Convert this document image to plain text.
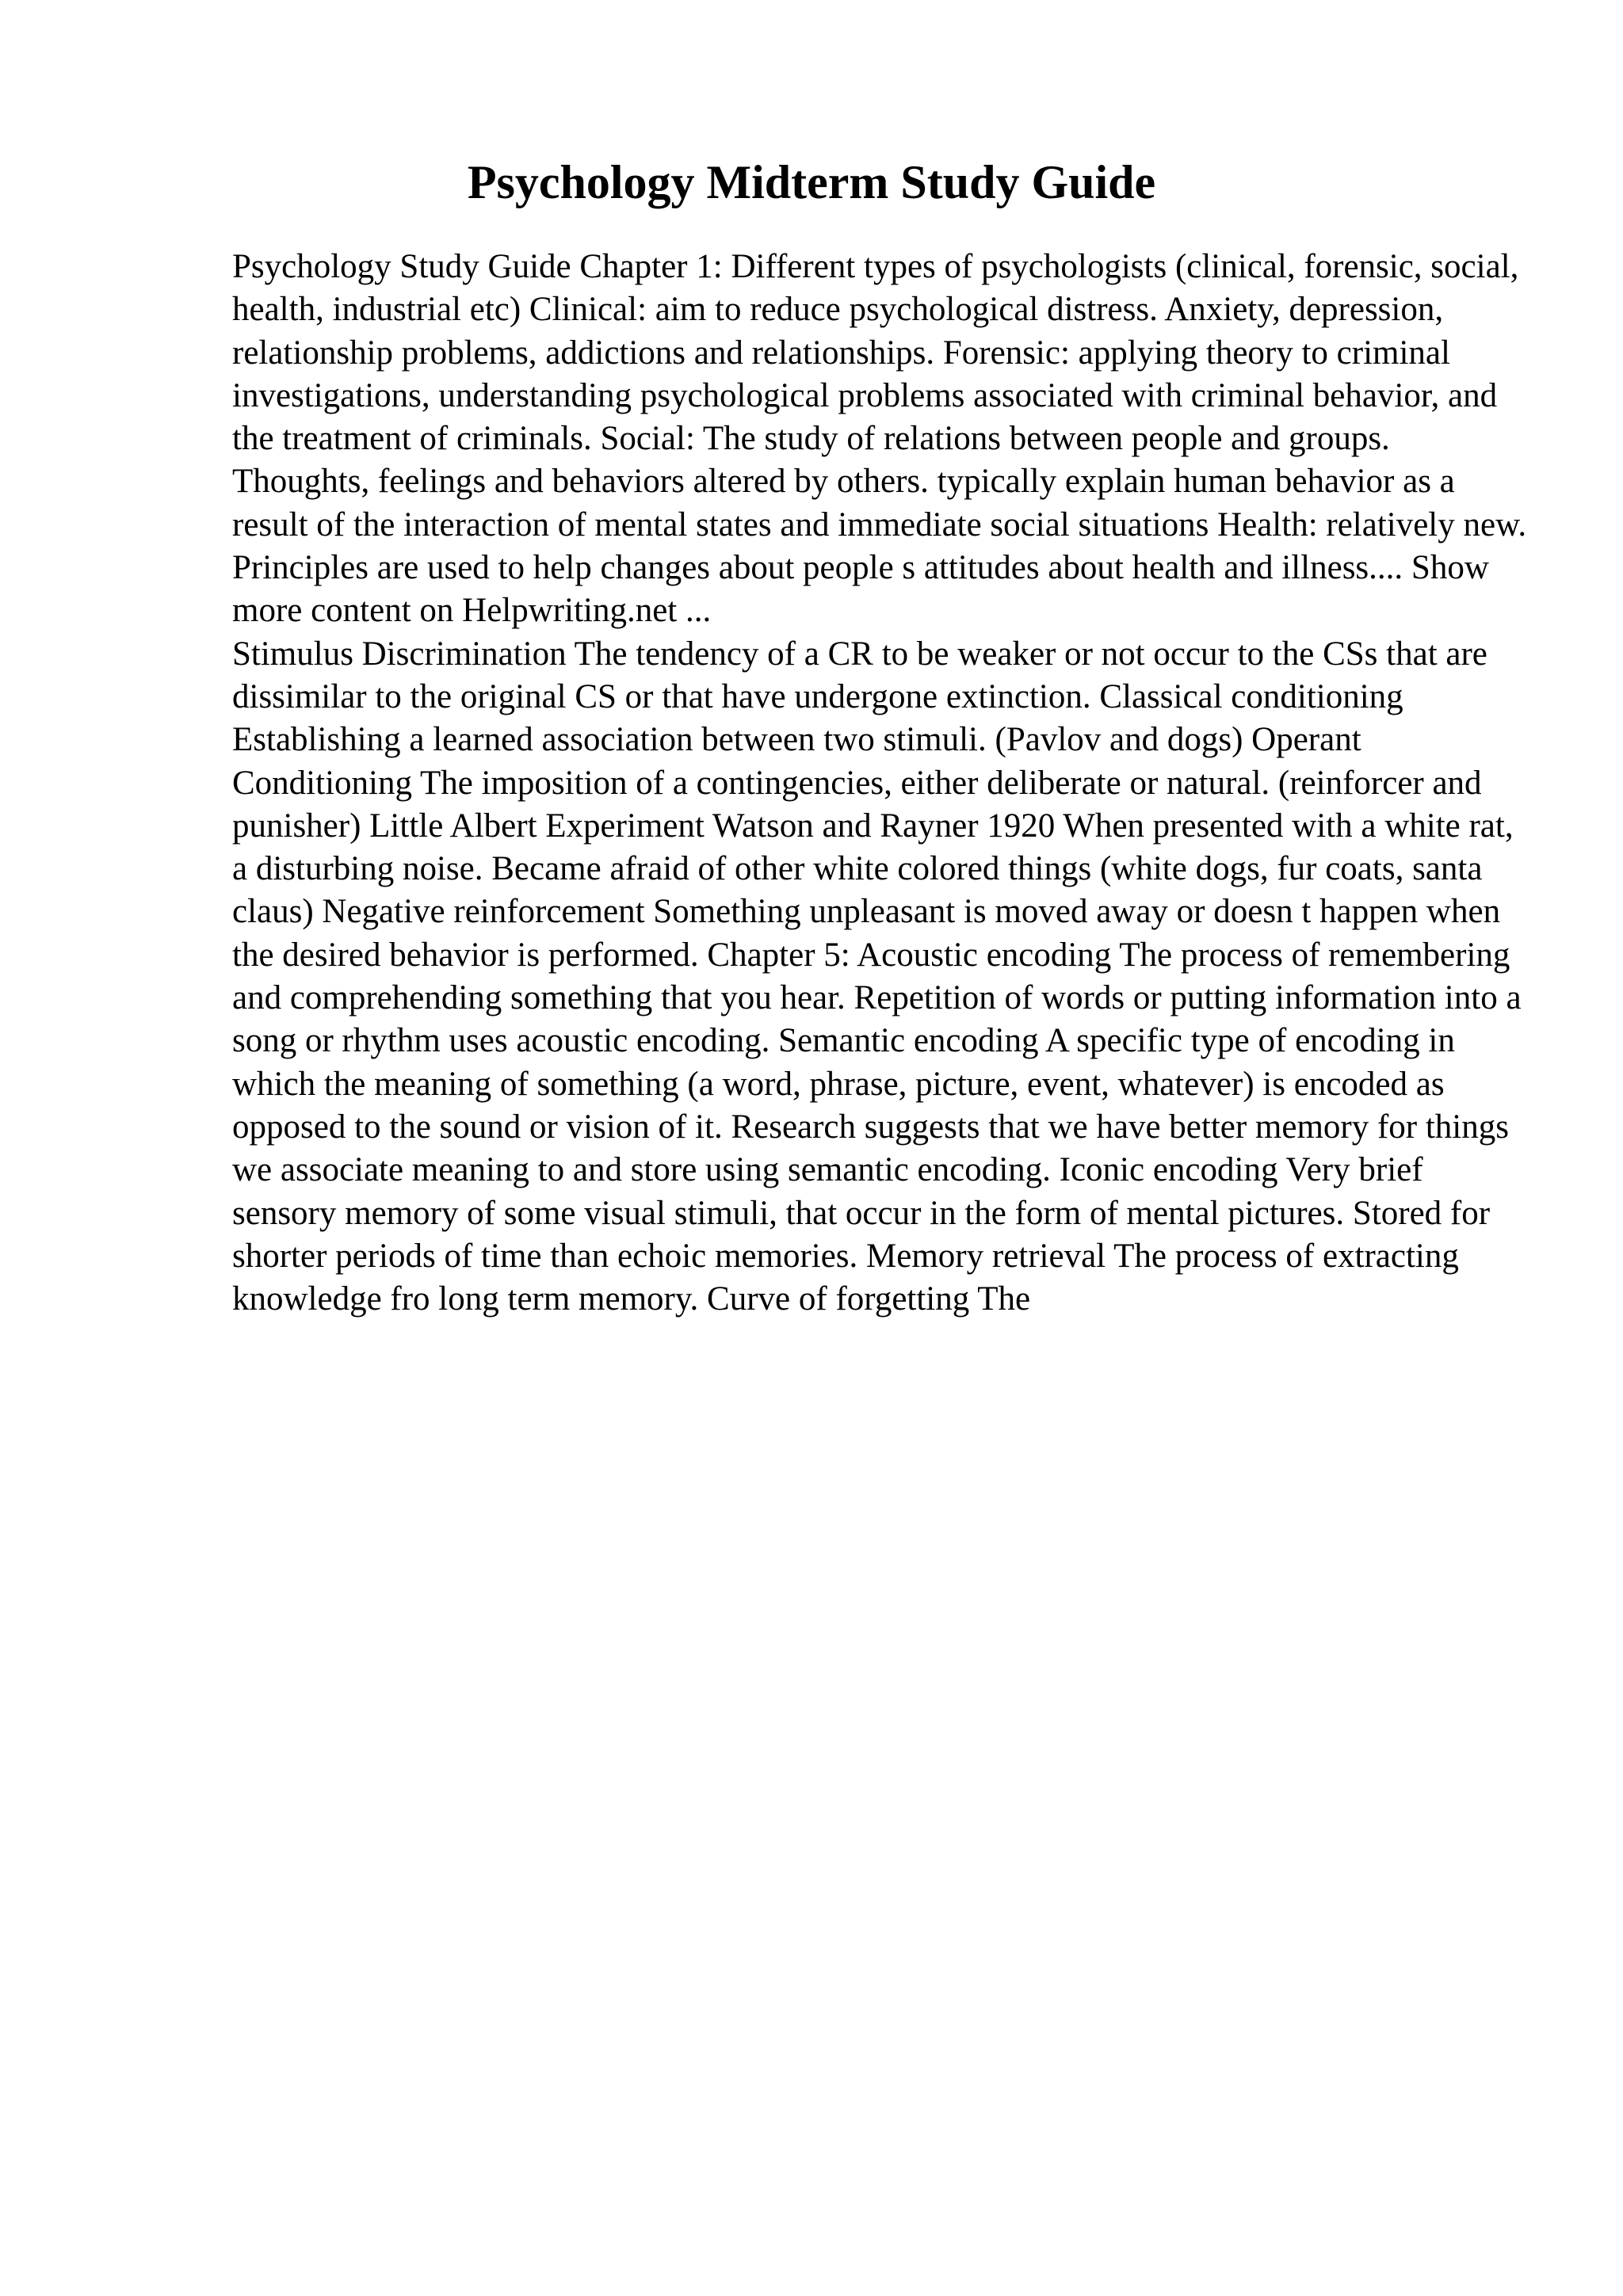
Psychology Midterm Study Guide

Psychology Study Guide Chapter 1: Different types of psychologists (clinical, forensic, social, health, industrial etc) Clinical: aim to reduce psychological distress. Anxiety, depression, relationship problems, addictions and relationships. Forensic: applying theory to criminal investigations, understanding psychological problems associated with criminal behavior, and the treatment of criminals. Social: The study of relations between people and groups. Thoughts, feelings and behaviors altered by others. typically explain human behavior as a result of the interaction of mental states and immediate social situations Health: relatively new. Principles are used to help changes about people s attitudes about health and illness.... Show more content on Helpwriting.net ...

Stimulus Discrimination The tendency of a CR to be weaker or not occur to the CSs that are dissimilar to the original CS or that have undergone extinction. Classical conditioning Establishing a learned association between two stimuli. (Pavlov and dogs) Operant Conditioning The imposition of a contingencies, either deliberate or natural. (reinforcer and punisher) Little Albert Experiment Watson and Rayner 1920 When presented with a white rat, a disturbing noise. Became afraid of other white colored things (white dogs, fur coats, santa claus) Negative reinforcement Something unpleasant is moved away or doesn t happen when the desired behavior is performed. Chapter 5: Acoustic encoding The process of remembering and comprehending something that you hear. Repetition of words or putting information into a song or rhythm uses acoustic encoding. Semantic encoding A specific type of encoding in which the meaning of something (a word, phrase, picture, event, whatever) is encoded as opposed to the sound or vision of it. Research suggests that we have better memory for things we associate meaning to and store using semantic encoding. Iconic encoding Very brief sensory memory of some visual stimuli, that occur in the form of mental pictures. Stored for shorter periods of time than echoic memories. Memory retrieval The process of extracting knowledge fro long term memory. Curve of forgetting The
